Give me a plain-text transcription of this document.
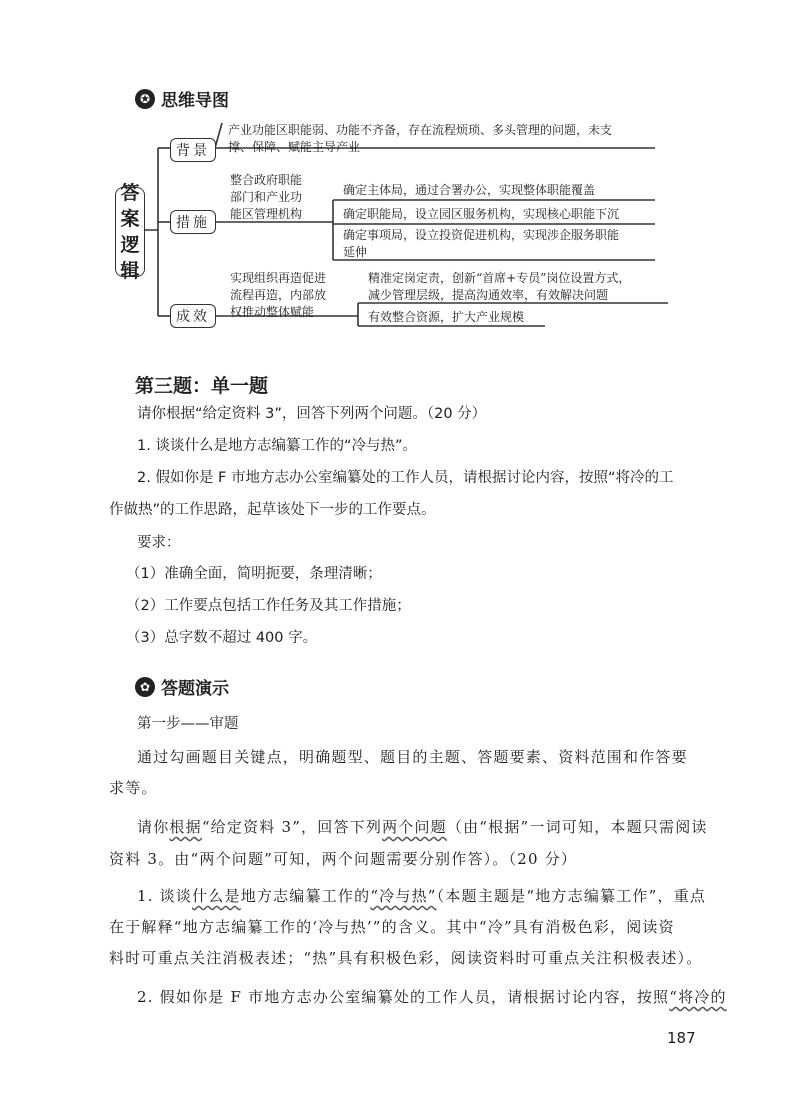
✪ 思维导图
答
案
逻
辑
背景
产业功能区职能弱、功能不齐备，存在流程烦琐、多头管理的问题，未支
撑、保障、赋能主导产业
措施
整合政府职能
部门和产业功
能区管理机构
确定主体局，通过合署办公，实现整体职能覆盖
确定职能局，设立园区服务机构，实现核心职能下沉
确定事项局，设立投资促进机构，实现涉企服务职能
延伸
成效
实现组织再造促进
流程再造，内部放
权推动整体赋能
精准定岗定责，创新“首席+专员”岗位设置方式，
减少管理层级，提高沟通效率，有效解决问题
有效整合资源，扩大产业规模
第三题：单一题
请你根据“给定资料 3”，回答下列两个问题。（20 分）
1. 谈谈什么是地方志编纂工作的“冷与热”。
2. 假如你是 F 市地方志办公室编纂处的工作人员，请根据讨论内容，按照“将冷的工
作做热”的工作思路，起草该处下一步的工作要点。
要求：
（1）准确全面，简明扼要，条理清晰；
（2）工作要点包括工作任务及其工作措施；
（3）总字数不超过 400 字。
✿ 答题演示
第一步——审题
通过勾画题目关键点，明确题型、题目的主题、答题要素、资料范围和作答要
求等。
请你根据“给定资料 3”，回答下列两个问题（由“根据”一词可知，本题只需阅读
资料 3。由“两个问题”可知，两个问题需要分别作答）。（20 分）
1. 谈谈什么是地方志编纂工作的“冷与热”（本题主题是“地方志编纂工作”，重点
在于解释“地方志编纂工作的‘冷与热’”的含义。其中“冷”具有消极色彩，阅读资
料时可重点关注消极表述；“热”具有积极色彩，阅读资料时可重点关注积极表述）。
2. 假如你是 F 市地方志办公室编纂处的工作人员，请根据讨论内容，按照“将冷的
187
